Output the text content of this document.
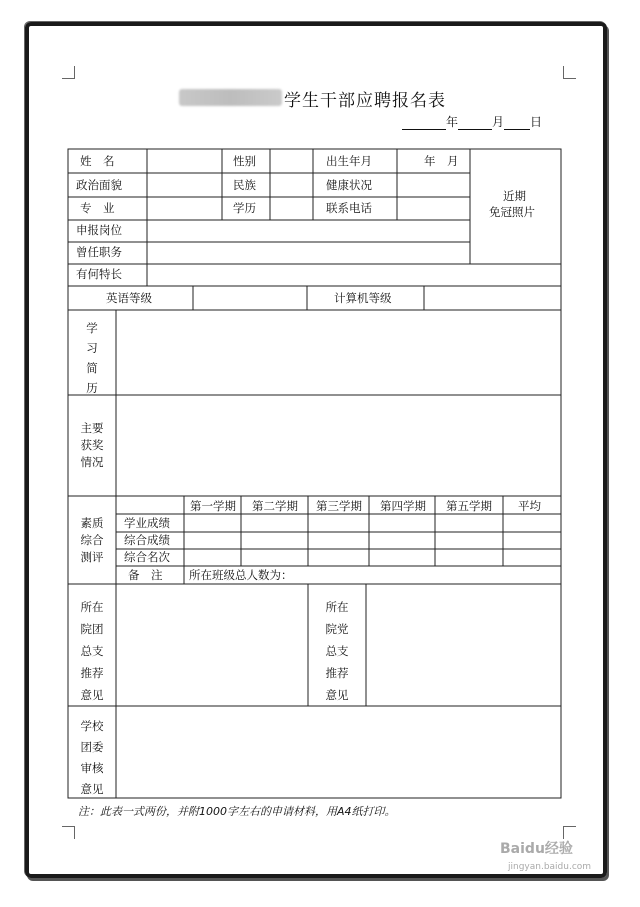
学生干部应聘报名表
年	月 日
姓　名	性别	出生年月	年　月
政治面貌	民族	健康状况
专　业	学历	联系电话
申报岗位
曾任职务
有何特长
近期
免冠照片
英语等级	计算机等级
学
习
简
历
主要
获奖
情况
素质
综合
测评
第一学期 第二学期 第三学期 第四学期 第五学期 平均
学业成绩
综合成绩
综合名次
备　注 所在班级总人数为：
所在
院团
总支
推荐
意见
所在
院党
总支
推荐
意见
学校
团委
审核
意见
注：此表一式两份，并附1000字左右的申请材料，用A4纸打印。
Baidu经验
jingyan.baidu.com
